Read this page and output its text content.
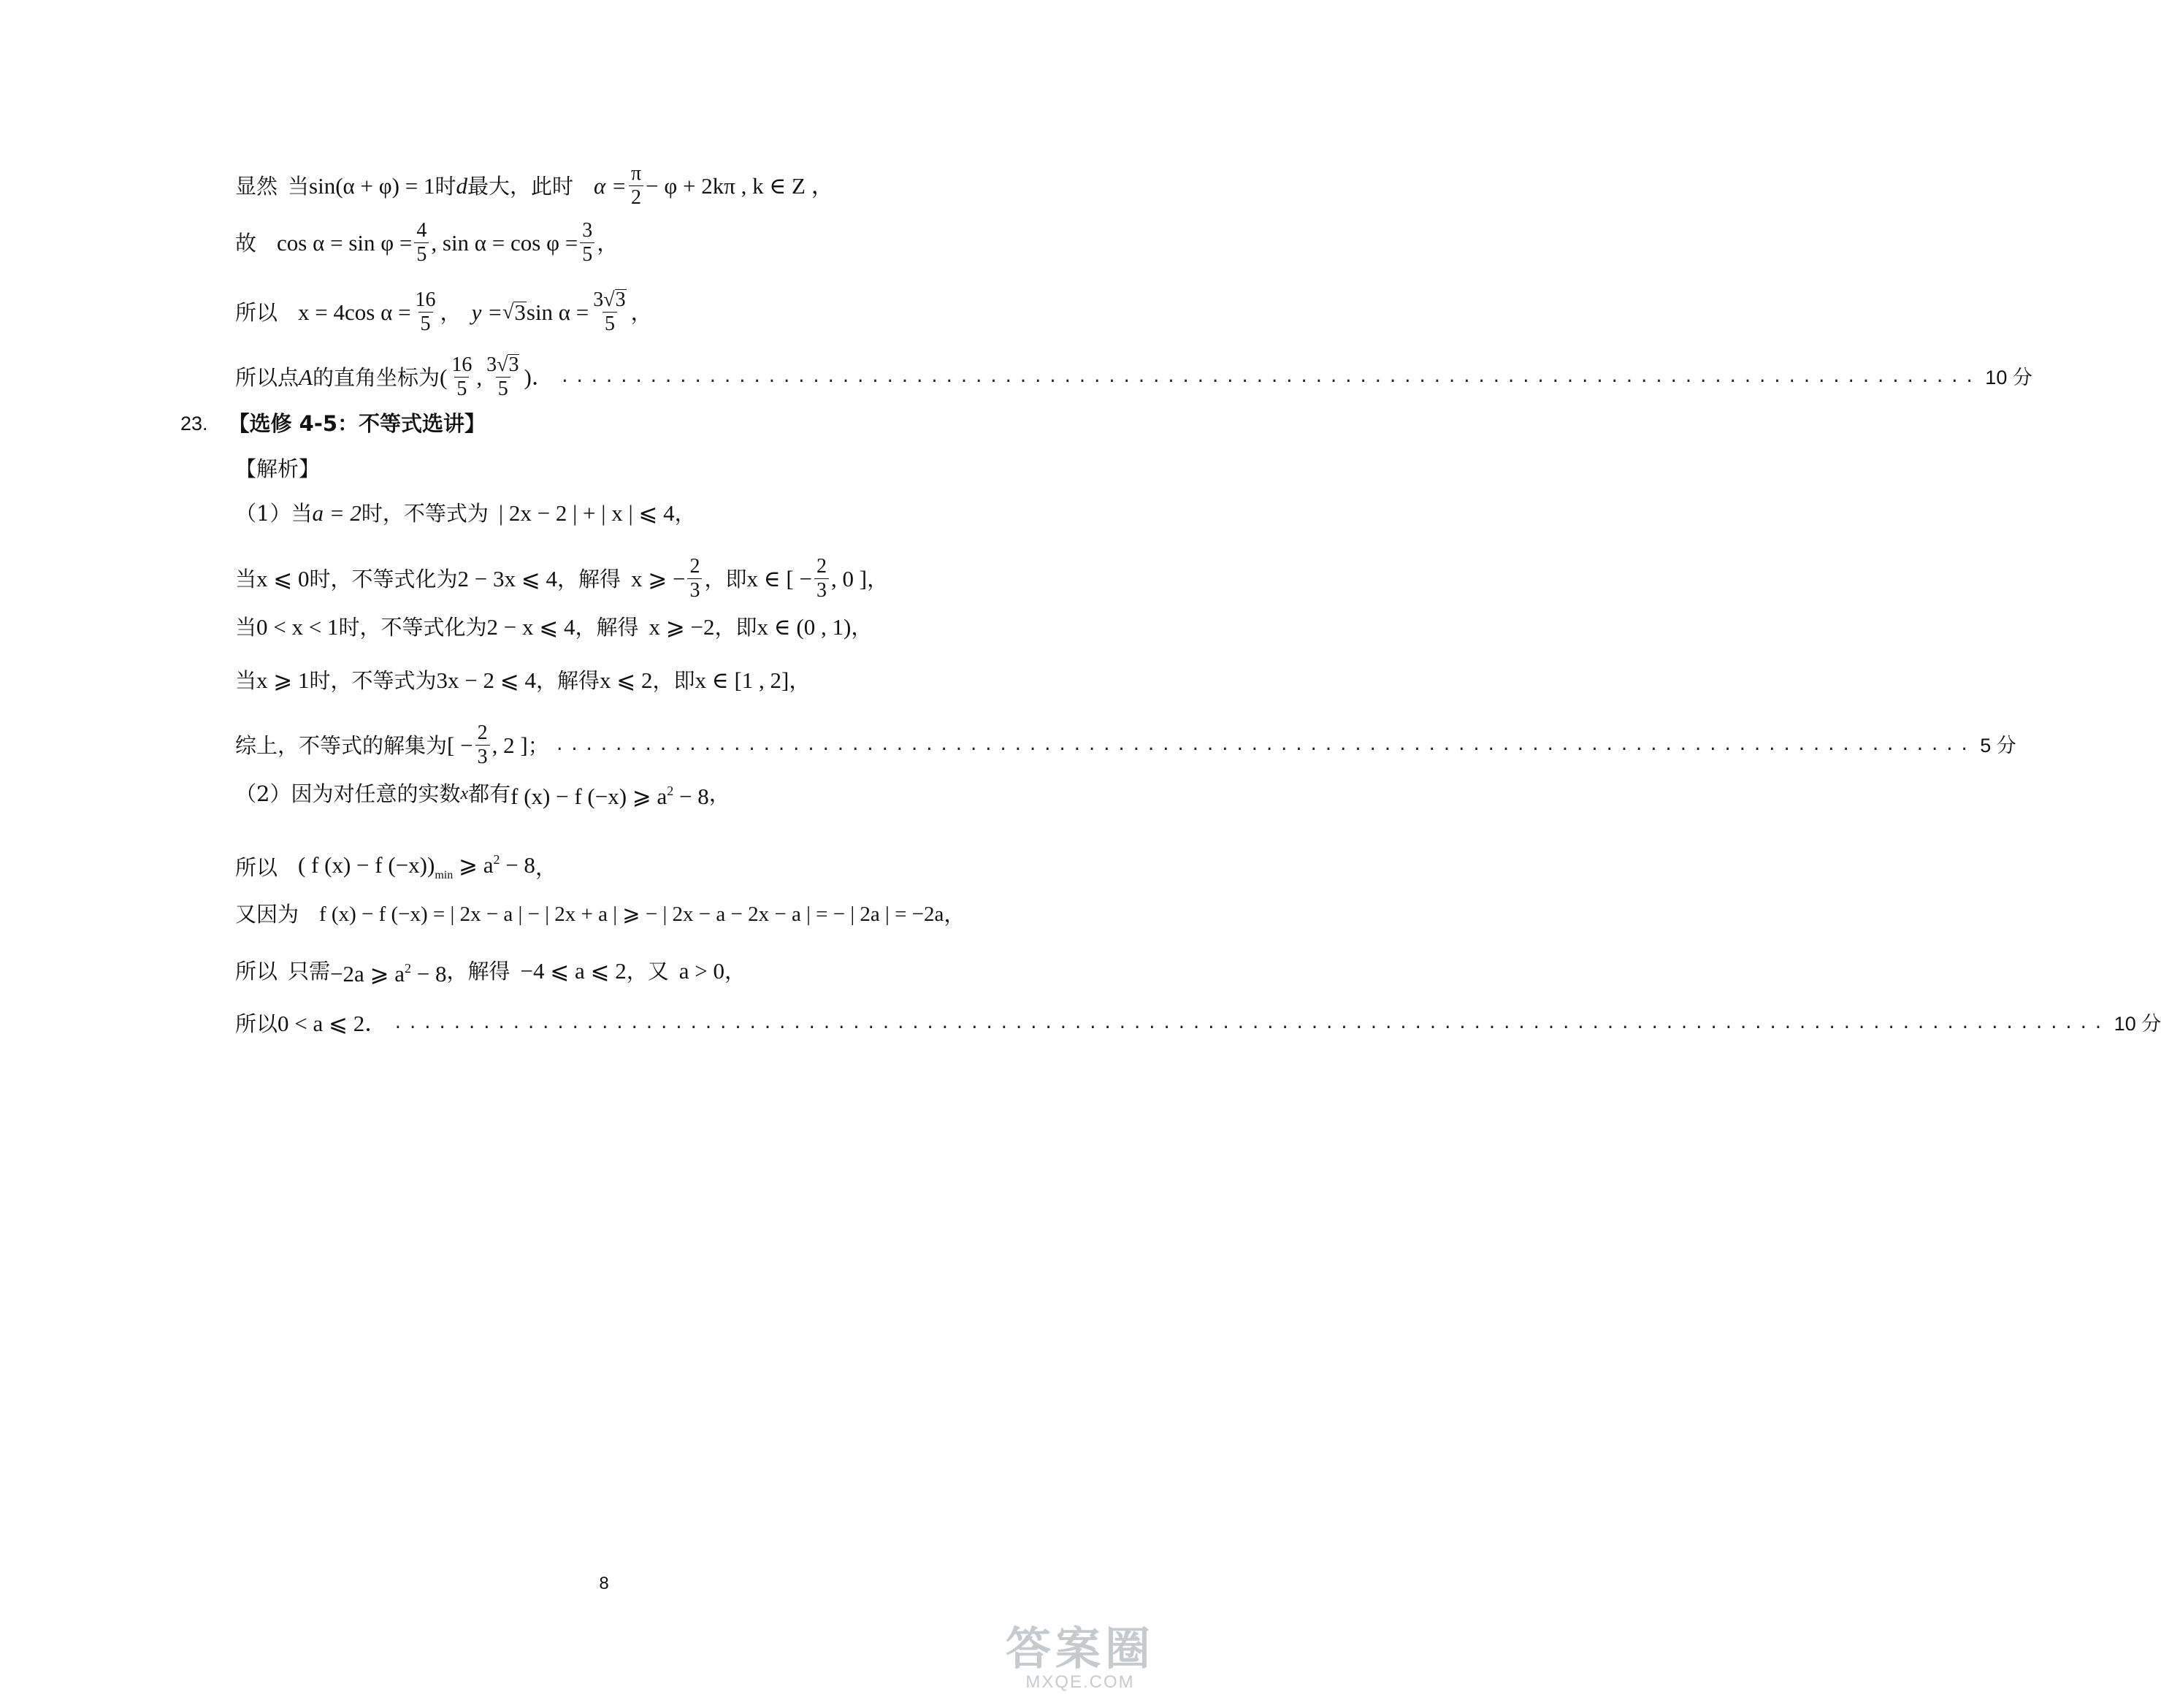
显然 当 sin(α + φ) = 1 时 d 最大，此时 $\alpha = \frac{\pi}{2} - \varphi + 2k\pi$ , k ∈ Z ，
故 $\cos \alpha = \sin \varphi = \frac{4}{5}$ , $\sin \alpha = \cos \varphi = \frac{3}{5}$ ，
所以 x = 4cos $\alpha = \frac{16}{5}$ ， y = √ 3 $\sin \alpha = \frac{3 √ 3}{5}$ ，
所以 点 A 的直角坐标为 ( $\frac{16}{5}$ , $\frac{3 √ 3}{5}$ )． ................................................................................................ 10 分
23. 【选修 4-5：不等式选讲】
【解析】
（1）当 a = 2 时，不等式为 | 2x − 2 | + | x | ⩽ 4 ，
当 x ⩽ 0 时，不等式化为 2 − 3x ⩽ 4 ，解得 x ⩾ − $\frac{2}{3}$ ，即 x ∈ [ − $\frac{2}{3}$ , 0 ] ，
当 0 < x < 1 时，不等式化为 2 − x ⩽ 4 ，解得 x ⩾ −2 ，即 x ∈ (0 , 1) ，
当 x ⩾ 1 时，不等式为 3x − 2 ⩽ 4 ，解得 x ⩽ 2 ，即 x ∈ [1 , 2] ，
综上，不等式的解集为 [ − $\frac{2}{3}$ , 2 ] ； ................................................................................................ 5 分
（2）因为对任意的实数 x 都有 f (x) − f (−x) ⩾ $a^2 - 8$ ，
所以 ( f (x) − f $(-x))_{min}$ ⩾ $a^2 - 8$ ，
又因为 f (x) − f (−x) = | 2x − a | − | 2x + a | ⩾ − | 2x − a − 2x − a | = − | 2a | = −2a ，
所以 只需 −2a ⩾ $a^2 - 8$ ，解得 −4 ⩽ a ⩽ 2 ，又 a > 0 ，
所以 0 < a ⩽ 2 ． .................................................................................................................... 10 分
8
答案圈
MXQE.COM
